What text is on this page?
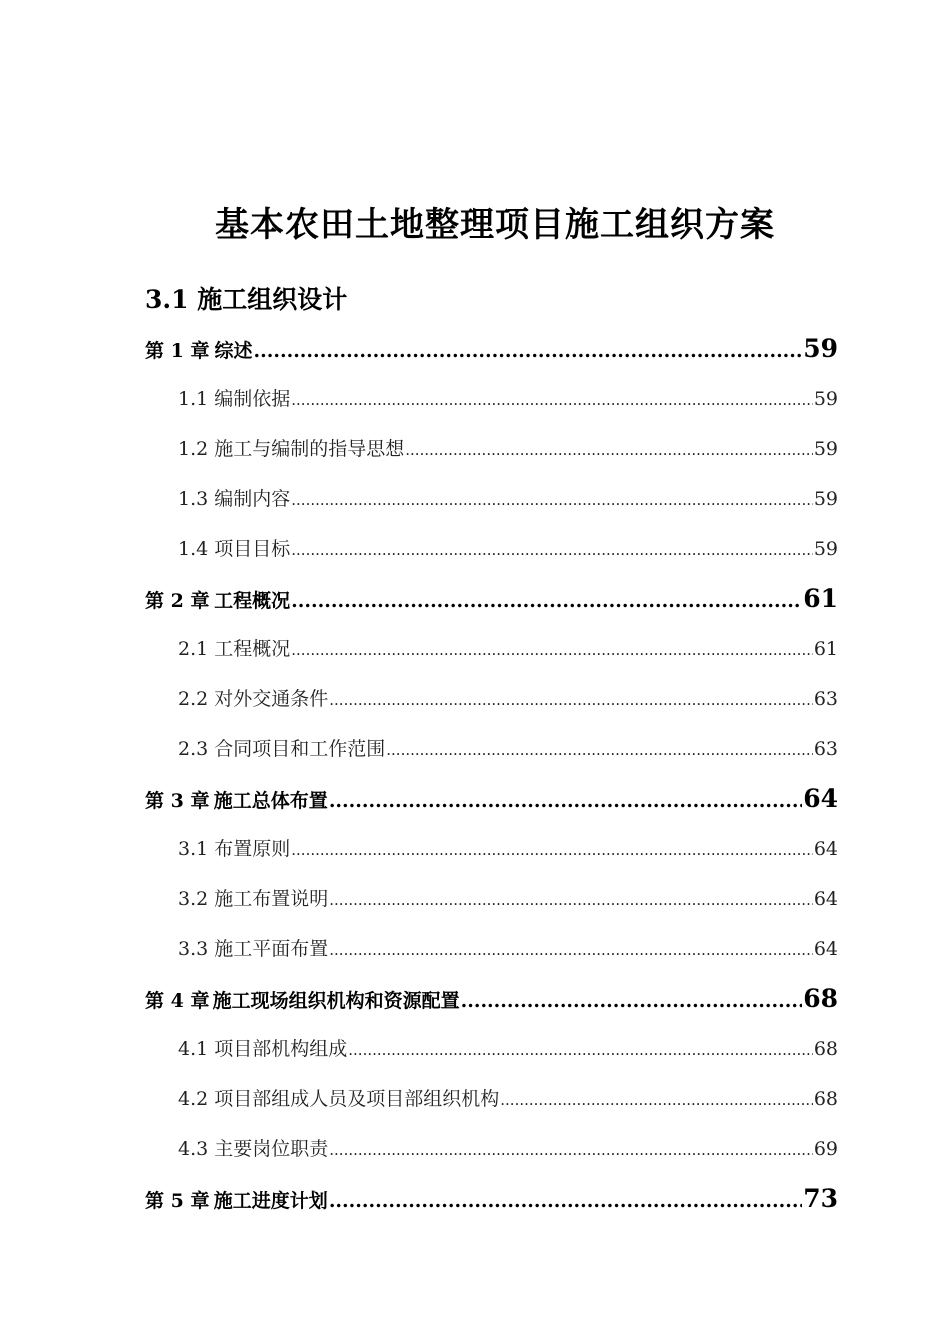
基本农田土地整理项目施工组织方案
3.1 施工组织设计
第 1 章 综述 .....	59
1.1 编制依据 .....	59
1.2 施工与编制的指导思想 .....	59
1.3 编制内容 .....	59
1.4 项目目标 .....	59
第 2 章 工程概况 .....	61
2.1 工程概况 .....	61
2.2 对外交通条件 .....	63
2.3 合同项目和工作范围 .....	63
第 3 章 施工总体布置 .....	64
3.1 布置原则 .....	64
3.2 施工布置说明 .....	64
3.3 施工平面布置 .....	64
第 4 章 施工现场组织机构和资源配置 .....	68
4.1 项目部机构组成 .....	68
4.2 项目部组成人员及项目部组织机构 .....	68
4.3 主要岗位职责 .....	69
第 5 章 施工进度计划 .....	73
